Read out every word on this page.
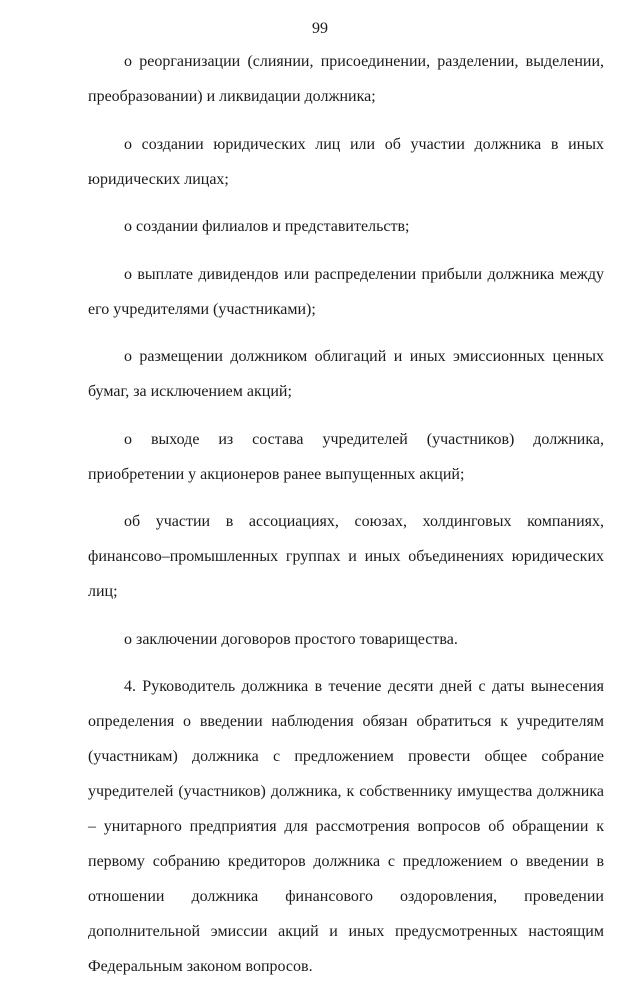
99

о реорганизации (слиянии, присоединении, разделении, выделении, преобразовании) и ликвидации должника;

о создании юридических лиц или об участии должника в иных юридических лицах;

о создании филиалов и представительств;

о выплате дивидендов или распределении прибыли должника между его учредителями (участниками);

о размещении должником облигаций и иных эмиссионных ценных бумаг, за исключением акций;

о выходе из состава учредителей (участников) должника, приобретении у акционеров ранее выпущенных акций;

об участии в ассоциациях, союзах, холдинговых компаниях, финансово–промышленных группах и иных объединениях юридических лиц;

о заключении договоров простого товарищества.

4. Руководитель должника в течение десяти дней с даты вынесения определения о введении наблюдения обязан обратиться к учредителям (участникам) должника с предложением провести общее собрание учредителей (участников) должника, к собственнику имущества должника – унитарного предприятия для рассмотрения вопросов об обращении к первому собранию кредиторов должника с предложением о введении в отношении должника финансового оздоровления, проведении дополнительной эмиссии акций и иных предусмотренных настоящим Федеральным законом вопросов.
